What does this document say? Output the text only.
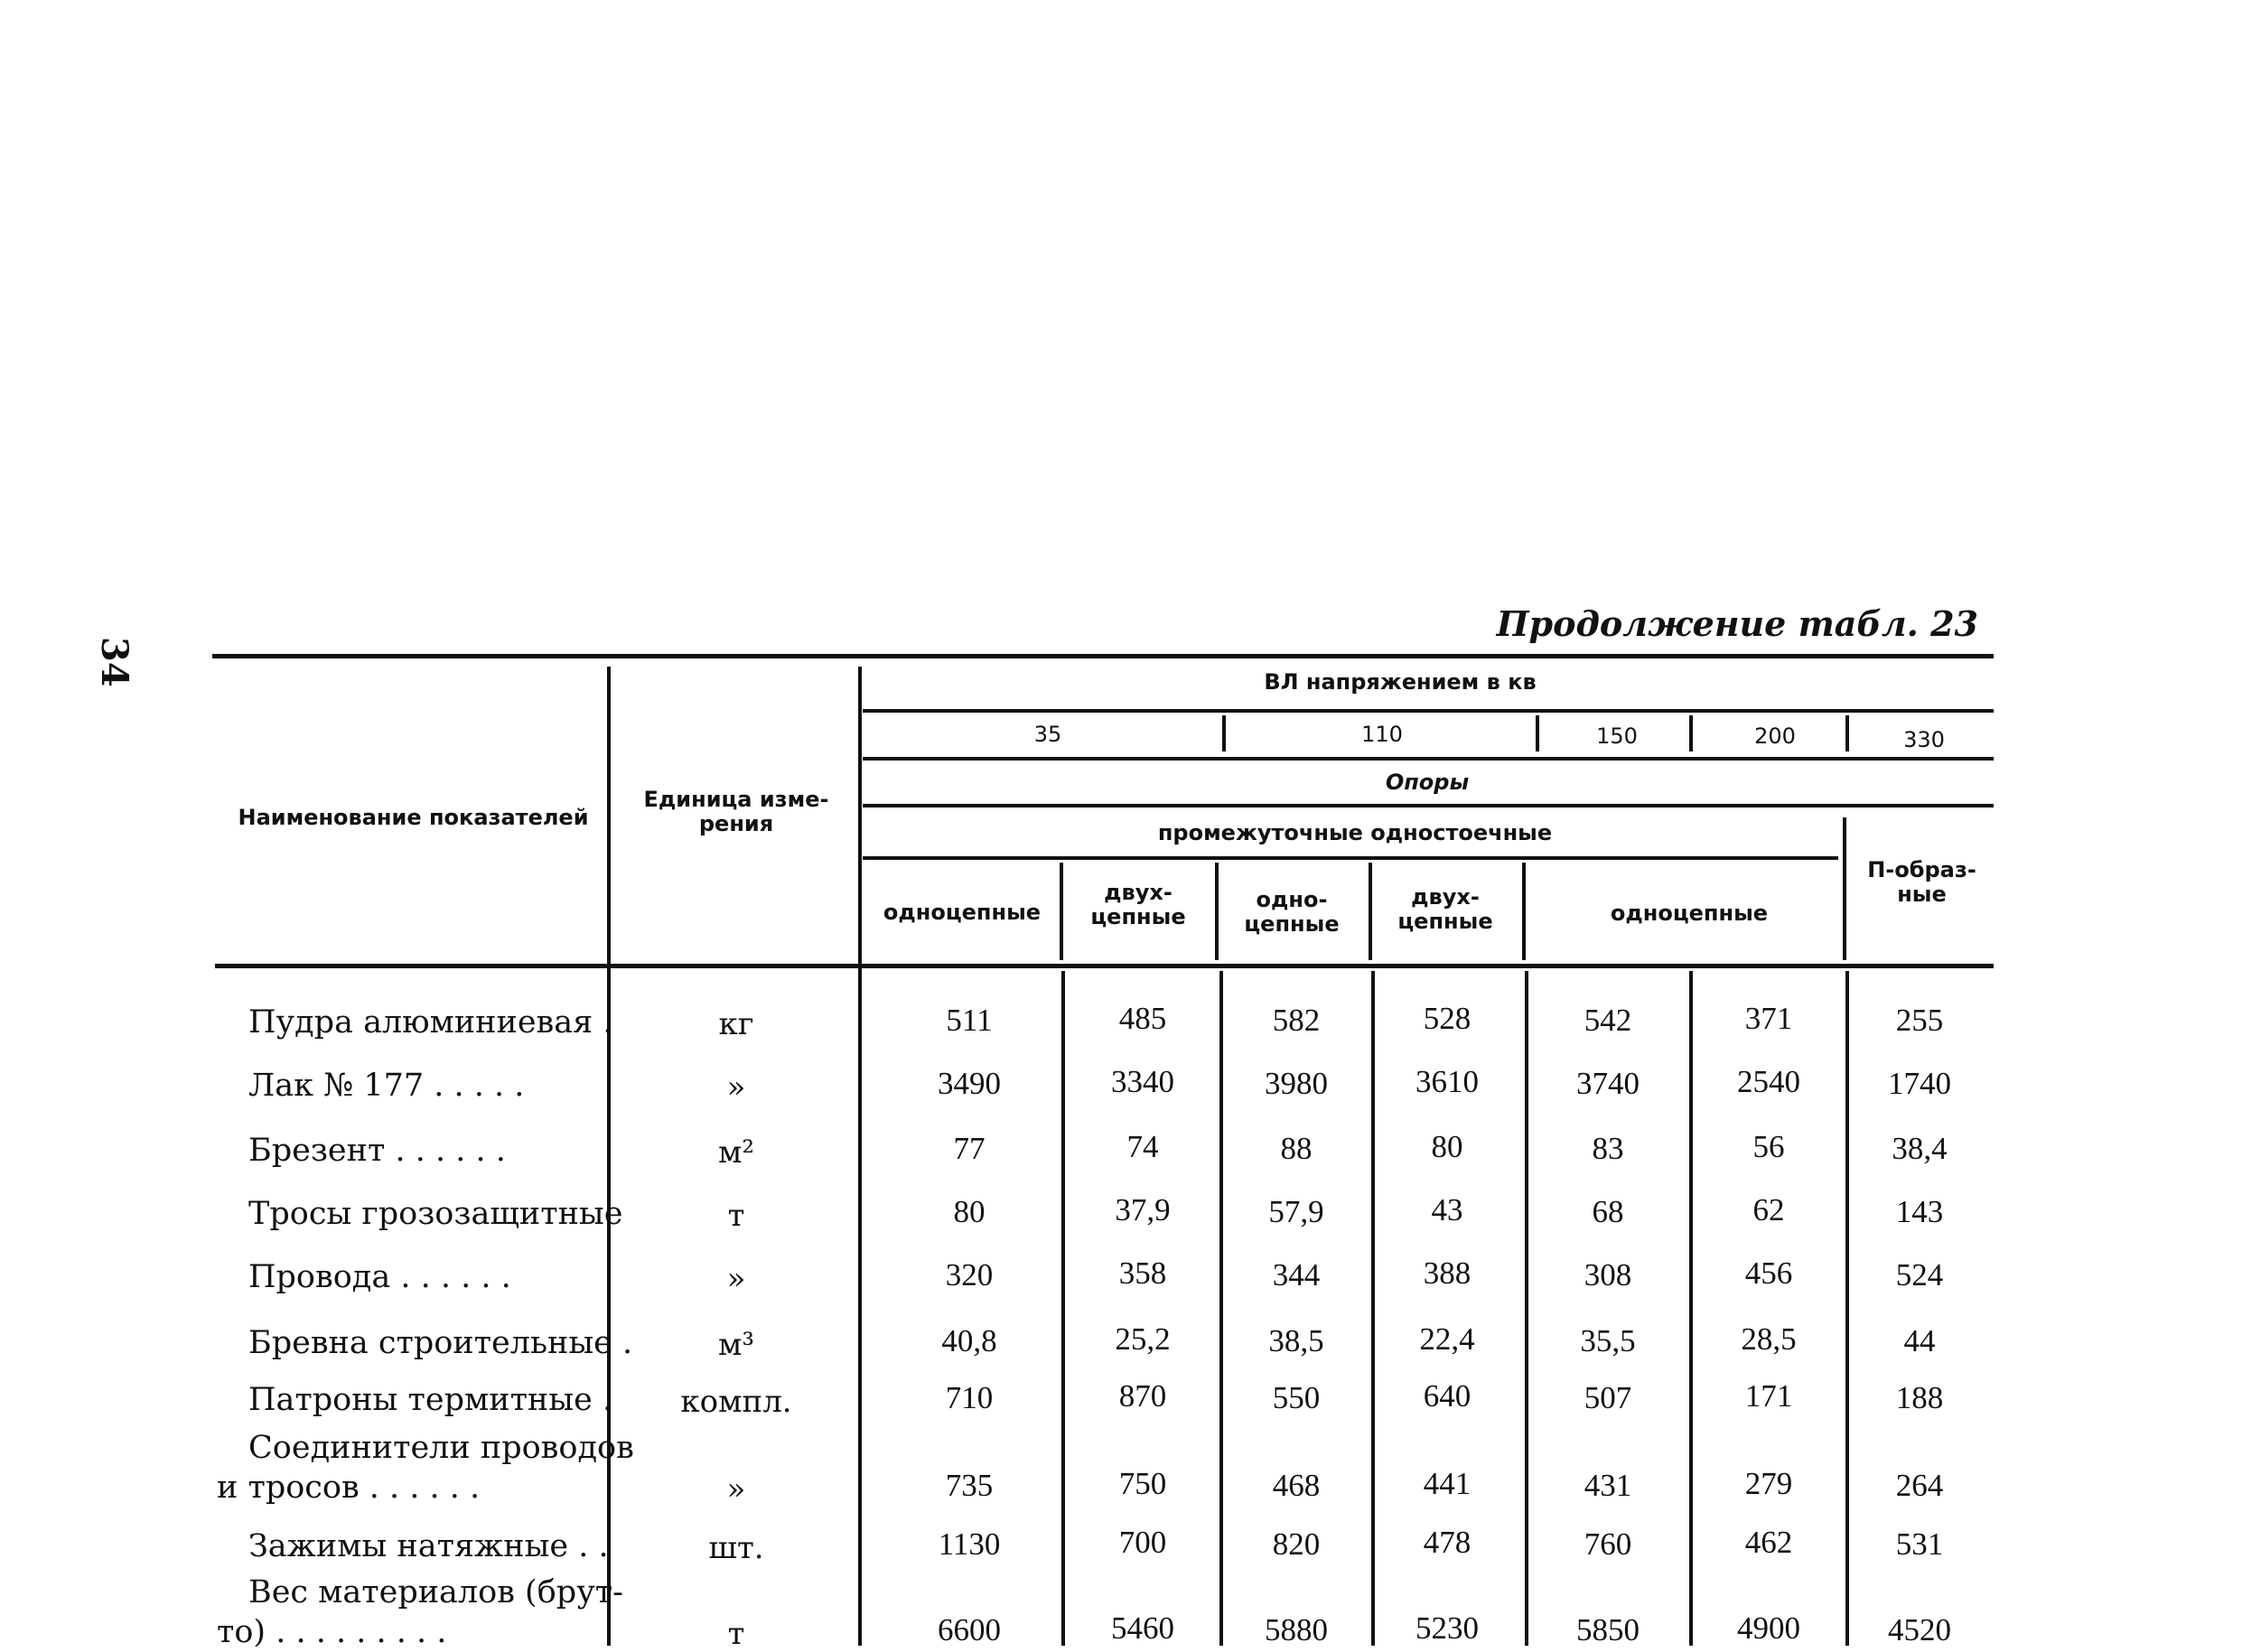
34
Продолжение табл. 23
Наименование показателей
Единица изме-рения
ВЛ напряжением в кв
35	110	150	200	330
Опоры
промежуточные одностоечные
П-образ-ные
одноцепные
двух-цепные
одно-цепные
двух-цепные	одноцепные
Пудра алюминиевая .	кг	511	485	582	528	542	371	255
Лак № 177 . . . . .	»	3490	3340	3980	3610	3740	2540	1740
Брезент . . . . . .	м²	77	74	88	80	83	56	38,4
Тросы грозозащитные	т	80	37,9	57,9	43	68	62	143
Провода . . . . . .	»	320	358	344	388	308	456	524
Бревна строительные .	м³	40,8	25,2	38,5	22,4	35,5	28,5	44
Патроны термитные .	компл.	710	870	550	640	507	171	188
Соединители проводов
и тросов . . . . . .	»	735	750	468	441	431	279	264
Зажимы натяжные . .	шт.	1130	700	820	478	760	462	531
Вес материалов (брут-
то) . . . . . . . . .	т	6600	5460	5880	5230	5850	4900	4520
